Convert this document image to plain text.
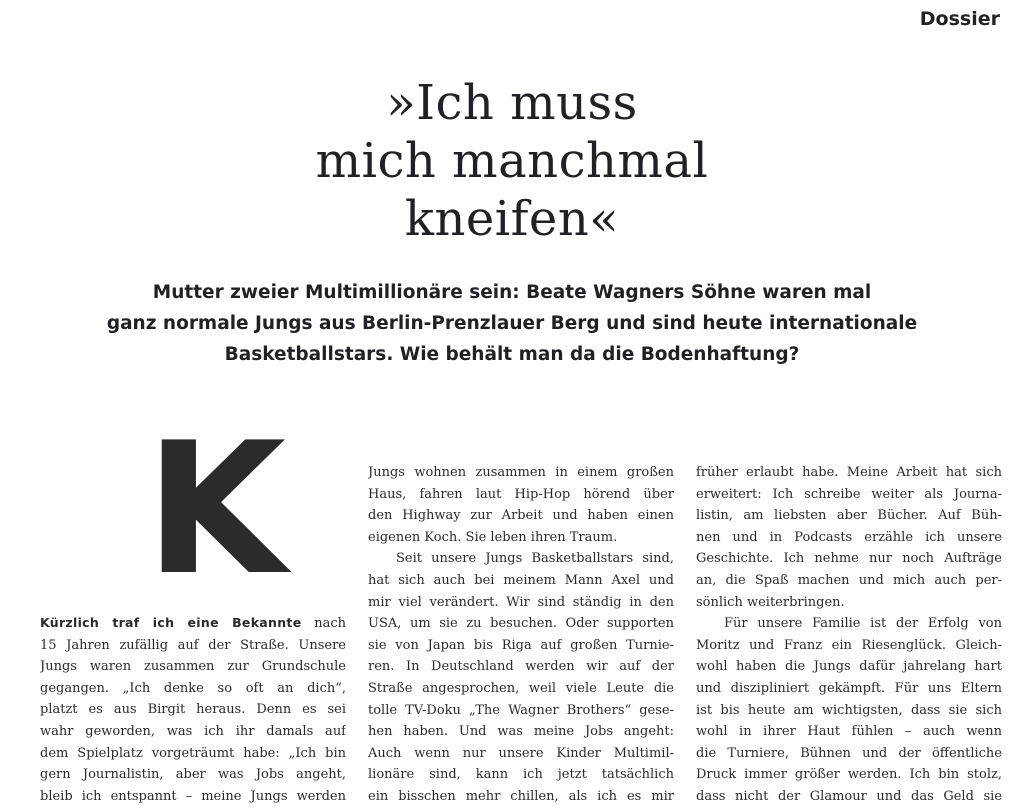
Dossier
»Ich muss
mich manchmal
kneifen«
Mutter zweier Multimillionäre sein: Beate Wagners Söhne waren mal
ganz normale Jungs aus Berlin-Prenzlauer Berg und sind heute internationale
Basketballstars. Wie behält man da die Bodenhaftung?
K

Kürzlich traf ich eine Bekannte nach
15 Jahren zufällig auf der Straße. Unsere
Jungs waren zusammen zur Grundschule
gegangen. „Ich denke so oft an dich“,
platzt es aus Birgit heraus. Denn es sei
wahr geworden, was ich ihr damals auf
dem Spielplatz vorgeträumt habe: „Ich bin
gern Journalistin, aber was Jobs angeht,
bleib ich entspannt – meine Jungs werden

Jungs wohnen zusammen in einem großen
Haus, fahren laut Hip-Hop hörend über
den Highway zur Arbeit und haben einen
eigenen Koch. Sie leben ihren Traum.

Seit unsere Jungs Basketballstars sind,
hat sich auch bei meinem Mann Axel und
mir viel verändert. Wir sind ständig in den
USA, um sie zu besuchen. Oder supporten
sie von Japan bis Riga auf großen Turnie-
ren. In Deutschland werden wir auf der
Straße angesprochen, weil viele Leute die
tolle TV-Doku „The Wagner Brothers“ gese-
hen haben. Und was meine Jobs angeht:
Auch wenn nur unsere Kinder Multimil-
lionäre sind, kann ich jetzt tatsächlich
ein bisschen mehr chillen, als ich es mir

früher erlaubt habe. Meine Arbeit hat sich
erweitert: Ich schreibe weiter als Journa-
listin, am liebsten aber Bücher. Auf Büh-
nen und in Podcasts erzähle ich unsere
Geschichte. Ich nehme nur noch Aufträge
an, die Spaß machen und mich auch per-
sönlich weiterbringen.

Für unsere Familie ist der Erfolg von
Moritz und Franz ein Riesenglück. Gleich-
wohl haben die Jungs dafür jahrelang hart
und diszipliniert gekämpft. Für uns Eltern
ist bis heute am wichtigsten, dass sie sich
wohl in ihrer Haut fühlen – auch wenn
die Turniere, Bühnen und der öffentliche
Druck immer größer werden. Ich bin stolz,
dass nicht der Glamour und das Geld sie
